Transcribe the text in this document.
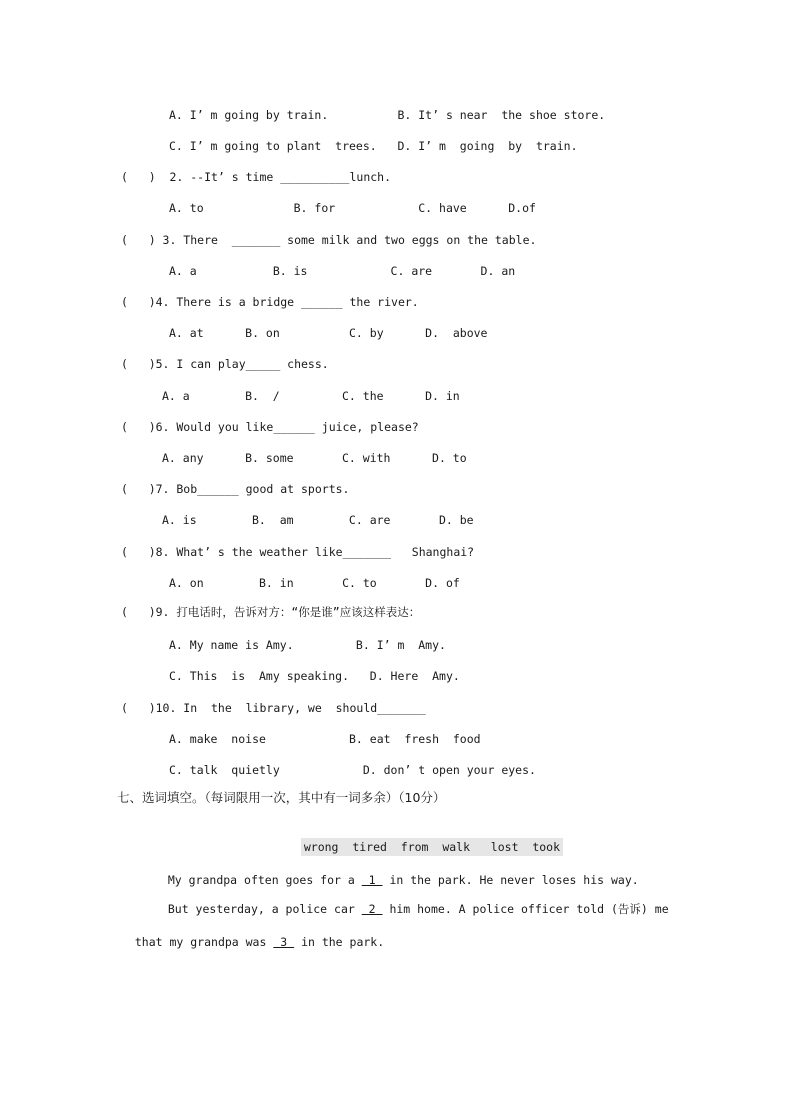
A. I’ m going by train.          B. It’ s near  the shoe store.
C. I’ m going to plant  trees.   D. I’ m  going  by  train.
(   )  2. --It’ s time __________lunch.
A. to             B. for            C. have      D.of
(   ) 3. There  _______ some milk and two eggs on the table.
A. a           B. is            C. are       D. an
(   )4. There is a bridge ______ the river.
A. at      B. on          C. by      D.  above
(   )5. I can play_____ chess.
A. a        B.  /         C. the      D. in
(   )6. Would you like______ juice, please?
A. any      B. some       C. with      D. to
(   )7. Bob______ good at sports.
A. is        B.  am        C. are       D. be
(   )8. What’ s the weather like_______   Shanghai?
A. on        B. in       C. to       D. of
(   )9. 打电话时，告诉对方：“你是谁”应该这样表达：
A. My name is Amy.         B. I’ m  Amy.
C. This  is  Amy speaking.   D. Here  Amy.
(   )10. In  the  library, we  should_______
A. make  noise            B. eat  fresh  food
C. talk  quietly            D. don’ t open your eyes.
七、选词填空。（每词限用一次，其中有一词多余）（10分）

wrong  tired  from  walk   lost  took

My grandpa often goes for a  1  in the park. He never loses his way.

But yesterday, a police car  2  him home. A police officer told (告诉) me

that my grandpa was  3  in the park.
